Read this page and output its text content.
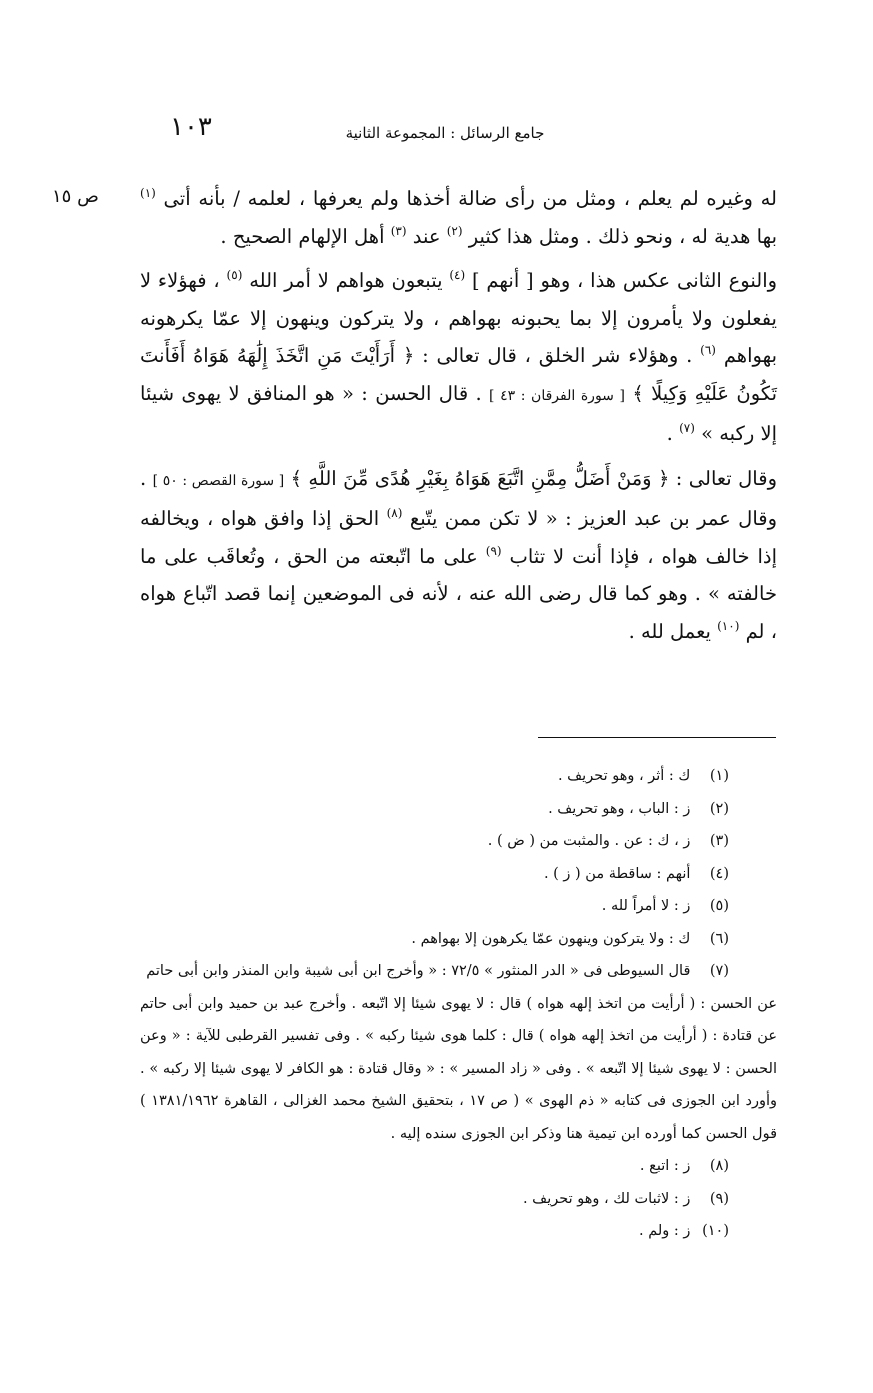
١٠٣	جامع الرسائل : المجموعة الثانية
ص ١٥	له وغيره لم يعلم ، ومثل من رأى ضالة أخذها ولم يعرفها ، لعلمه / بأنه أتى $^{(١)}$ بها هدية له ، ونحو ذلك . ومثل هذا كثير $^{(٢)}$ عند $^{(٣)}$ أهل الإلهام الصحيح .

والنوع الثانى عكس هذا ، وهو [ أنهم ] $^{(٤)}$ يتبعون هواهم لا أمر الله $^{(٥)}$ ، فهؤلاء لا يفعلون ولا يأمرون إلا بما يحبونه بهواهم ، ولا يتركون وينهون إلا عمّا يكرهونه بهواهم $^{(٦)}$ . وهؤلاء شر الخلق ، قال تعالى : ﴿ أَرَأَيْتَ مَنِ اتَّخَذَ إِلَٰهَهُ هَوَاهُ أَفَأَنتَ تَكُونُ عَلَيْهِ وَكِيلًا ﴾ [ سورة الفرقان : ٤٣ ] . قال الحسن : « هو المنافق لا يهوى شيئا إلا ركبه » $^{(٧)}$ .

وقال تعالى : ﴿ وَمَنْ أَضَلُّ مِمَّنِ اتَّبَعَ هَوَاهُ بِغَيْرِ هُدًى مِّنَ اللَّهِ ﴾ [ سورة القصص : ٥٠ ] . وقال عمر بن عبد العزيز : « لا تكن ممن يتّبع $^{(٨)}$ الحق إذا وافق هواه ، ويخالفه إذا خالف هواه ، فإذا أنت لا تثاب $^{(٩)}$ على ما اتّبعته من الحق ، وتُعاقَب على ما خالفته » . وهو كما قال رضى الله عنه ، لأنه فى الموضعين إنما قصد اتّباع هواه ، لم $^{(١٠)}$ يعمل لله .

(١) ك : أثر ، وهو تحريف .

(٢) ز : الباب ، وهو تحريف .

(٣) ز ، ك : عن . والمثبت من ( ض ) .

(٤) أنهم : ساقطة من ( ز ) .

(٥) ز : لا أمراً لله .

(٦) ك : ولا يتركون وينهون عمّا يكرهون إلا بهواهم .

(٧) قال السيوطى فى « الدر المنثور » ٧٢/٥ : « وأخرج ابن أبى شيبة وابن المنذر وابن أبى حاتم
عن الحسن : ( أرأيت من اتخذ إلهه هواه ) قال : لا يهوى شيئا إلا اتّبعه . وأخرج عبد بن حميد وابن أبى حاتم عن قتادة : ( أرأيت من اتخذ إلهه هواه ) قال : كلما هوى شيئا ركبه » . وفى تفسير القرطبى للآية : « وعن الحسن : لا يهوى شيئا إلا اتّبعه » . وفى « زاد المسير » : « وقال قتادة : هو الكافر لا يهوى شيئا إلا ركبه » . وأورد ابن الجوزى فى كتابه « ذم الهوى » ( ص ١٧ ، بتحقيق الشيخ محمد الغزالى ، القاهرة ١٣٨١/١٩٦٢ ) قول الحسن كما أورده ابن تيمية هنا وذكر ابن الجوزى سنده إليه .

(٨) ز : اتبع .

(٩) ز : لاثبات لك ، وهو تحريف .

(١٠) ز : ولم .
